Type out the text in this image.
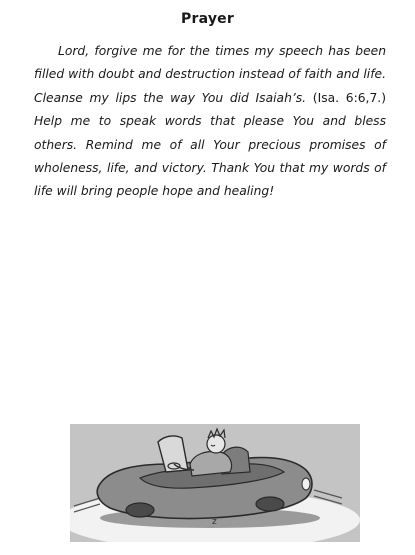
Prayer

Lord, forgive me for the times my speech has been filled with doubt and destruction instead of faith and life. Cleanse my lips the way You did Isaiah’s. (Isa. 6:6,7.) Help me to speak words that please You and bless others. Remind me of all Your precious promises of wholeness, life, and victory. Thank You that my words of life will bring people hope and healing!

z
